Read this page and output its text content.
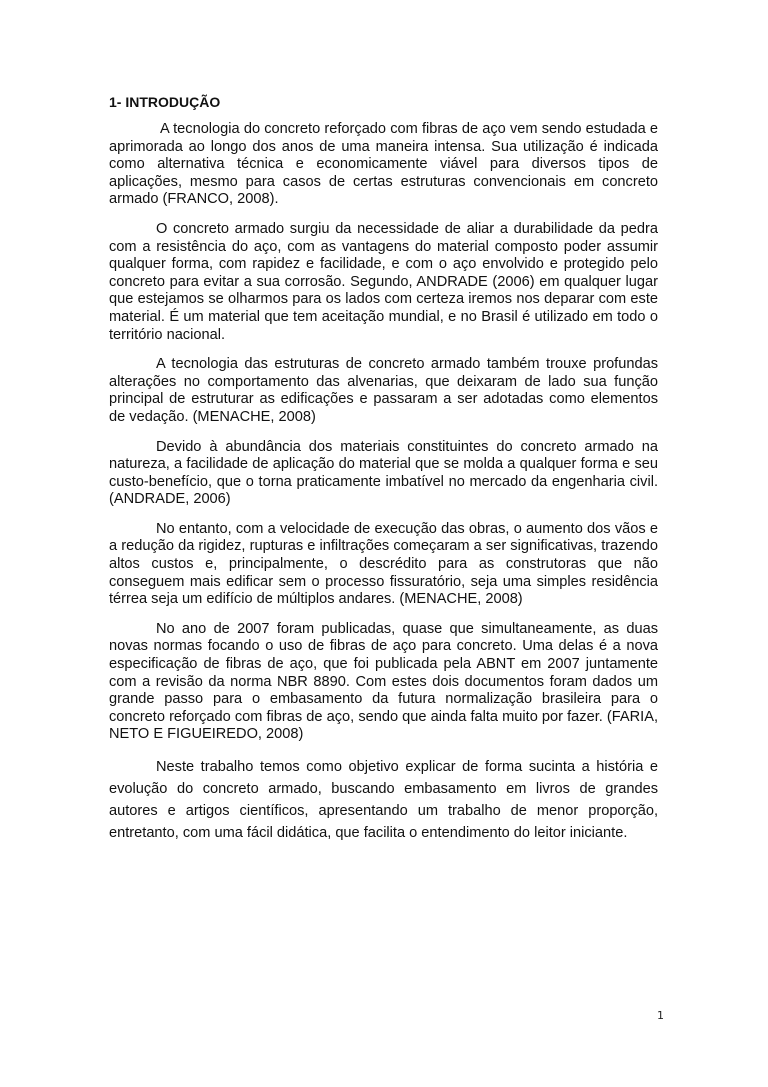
1- INTRODUÇÃO

A tecnologia do concreto reforçado com fibras de aço vem sendo estudada e aprimorada ao longo dos anos de uma maneira intensa. Sua utilização é indicada como alternativa técnica e economicamente viável para diversos tipos de aplicações, mesmo para casos de certas estruturas convencionais em concreto armado (FRANCO, 2008).

O concreto armado surgiu da necessidade de aliar a durabilidade da pedra com a resistência do aço, com as vantagens do material composto poder assumir qualquer forma, com rapidez e facilidade, e com o aço envolvido e protegido pelo concreto para evitar a sua corrosão. Segundo, ANDRADE (2006) em qualquer lugar que estejamos se olharmos para os lados com certeza iremos nos deparar com este material. É um material que tem aceitação mundial, e no Brasil é utilizado em todo o território nacional.

A tecnologia das estruturas de concreto armado também trouxe profundas alterações no comportamento das alvenarias, que deixaram de lado sua função principal de estruturar as edificações e passaram a ser adotadas como elementos de vedação. (MENACHE, 2008)

Devido à abundância dos materiais constituintes do concreto armado na natureza, a facilidade de aplicação do material que se molda a qualquer forma e seu custo-benefício, que o torna praticamente imbatível no mercado da engenharia civil. (ANDRADE, 2006)

No entanto, com a velocidade de execução das obras, o aumento dos vãos e a redução da rigidez, rupturas e infiltrações começaram a ser significativas, trazendo altos custos e, principalmente, o descrédito para as construtoras que não conseguem mais edificar sem o processo fissuratório, seja uma simples residência térrea seja um edifício de múltiplos andares. (MENACHE, 2008)

No ano de 2007 foram publicadas, quase que simultaneamente, as duas novas normas focando o uso de fibras de aço para concreto. Uma delas é a nova especificação de fibras de aço, que foi publicada pela ABNT em 2007 juntamente com a revisão da norma NBR 8890. Com estes dois documentos foram dados um grande passo para o embasamento da futura normalização brasileira para o concreto reforçado com fibras de aço, sendo que ainda falta muito por fazer. (FARIA, NETO E FIGUEIREDO, 2008)

Neste trabalho temos como objetivo explicar de forma sucinta a história e evolução do concreto armado, buscando embasamento em livros de grandes autores e artigos científicos, apresentando um trabalho de menor proporção, entretanto, com uma fácil didática, que facilita o entendimento do leitor iniciante.

1
